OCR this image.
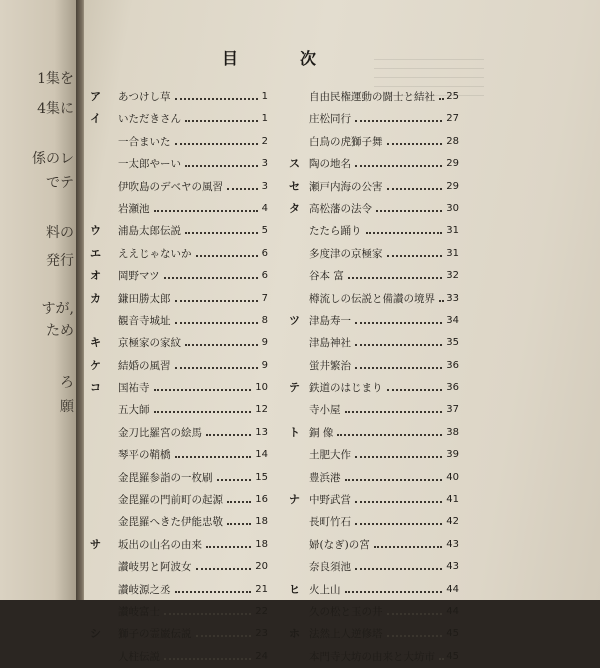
1集を
4集に
係のレ
でテ
料の
発行
すが,
ため
ろ
願
目	次
ア あつけし草	1
イ いただきさん	1
一合まいた	2
一太郎やーい	3
伊吹島のデベヤの風習	3
岩瀬池	4
ウ 浦島太郎伝説	5
エ ええじゃないか	6
オ 岡野マツ	6
カ 鎌田勝太郎	7
観音寺城址	8
キ 京極家の家紋	9
ケ 結婚の風習	9
コ 国祐寺	10
五大師	12
金刀比羅宮の絵馬	13
琴平の鞘橋	14
金毘羅参詣の一枚刷	15
金毘羅の門前町の起源	16
金毘羅へきた伊能忠敬	18
サ 坂出の山名の由来	18
讃岐男と阿波女	20
讃岐源之丞	21
讃岐富士	22
シ 獅子の霊巌伝説	23
人柱伝説	24
自由民権運動の闘士と結社 25
庄松同行	27
白鳥の虎獅子舞	28
ス 陶の地名	29
セ 瀬戸内海の公害	29
タ 高松藩の法令	30
たたら踊り	31
多度津の京極家	31
谷本 富	32
樽流しの伝説と備讃の境界 33
ツ 津島寿一	34
津島神社	35
蛍井繁治	36
テ 鉄道のはじまり	36
寺小屋	37
ト 銅 像	38
土肥大作	39
豊浜港	40
ナ 中野武営	41
長町竹石	42
婦(なぎ)の宮	43
奈良須池	43
ヒ 火上山	44
久の松と玉の井	44
ホ 法然上人逆修塔	45
本門寺大坊の由来と大坊市 45
